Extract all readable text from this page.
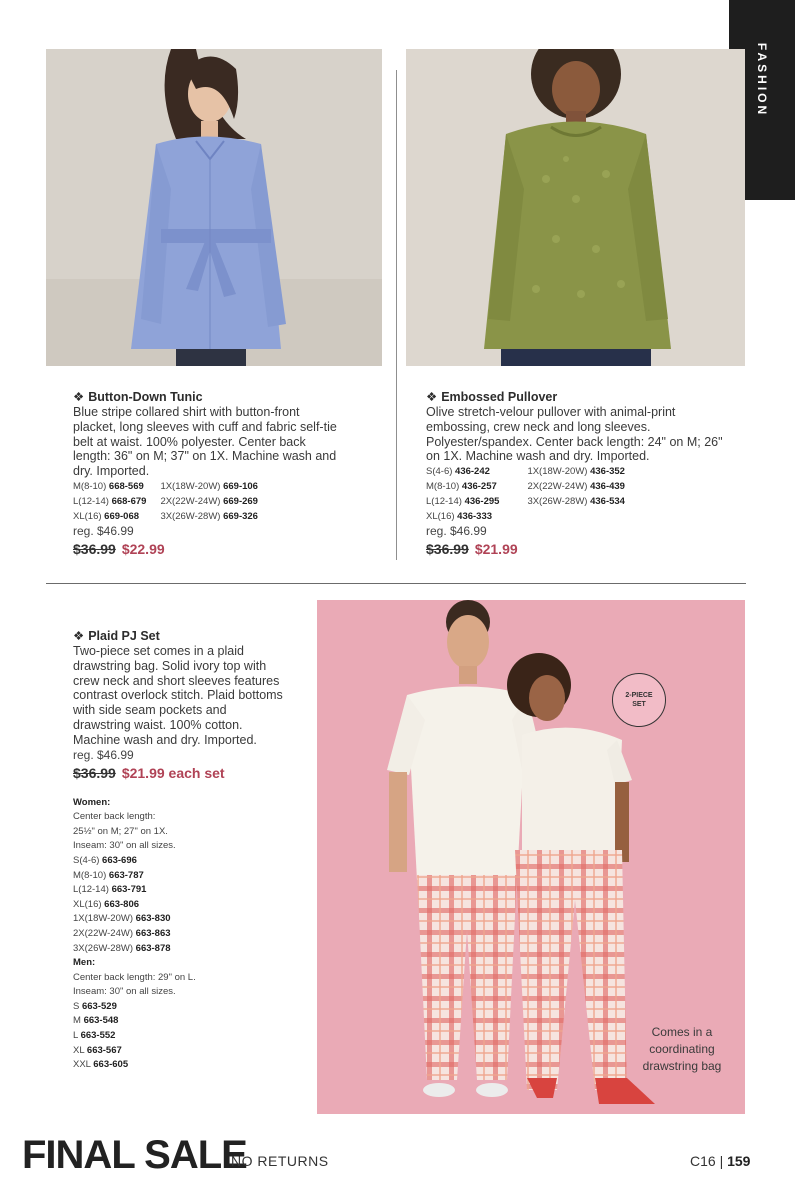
FASHION
❖ Button-Down Tunic
Blue stripe collared shirt with button-front placket, long sleeves with cuff and fabric self-tie belt at waist. 100% polyester. Center back length: 36" on M; 37" on 1X. Machine wash and dry. Imported.
M(8-10) 668-569
L(12-14) 668-679
XL(16) 669-068
1X(18W-20W) 669-106
2X(22W-24W) 669-269
3X(26W-28W) 669-326
reg. $46.99
$36.99 $22.99
❖ Embossed Pullover
Olive stretch-velour pullover with animal-print embossing, crew neck and long sleeves. Polyester/spandex. Center back length: 24" on M; 26" on 1X. Machine wash and dry. Imported.
S(4-6) 436-242
M(8-10) 436-257
L(12-14) 436-295
XL(16) 436-333
1X(18W-20W) 436-352
2X(22W-24W) 436-439
3X(26W-28W) 436-534
reg. $46.99
$36.99 $21.99
❖ Plaid PJ Set
Two-piece set comes in a plaid drawstring bag. Solid ivory top with crew neck and short sleeves features contrast overlock stitch. Plaid bottoms with side seam pockets and drawstring waist. 100% cotton. Machine wash and dry. Imported.
reg. $46.99
$36.99 $21.99 each set
Women:
Center back length:
25½" on M; 27" on 1X.
Inseam: 30" on all sizes.
S(4-6) 663-696
M(8-10) 663-787
L(12-14) 663-791
XL(16) 663-806
1X(18W-20W) 663-830
2X(22W-24W) 663-863
3X(26W-28W) 663-878
Men:
Center back length: 29" on L.
Inseam: 30" on all sizes.
S 663-529
M 663-548
L 663-552
XL 663-567
XXL 663-605
2-PIECE
SET
Comes in a coordinating drawstring bag
FINAL SALE
NO RETURNS	C16 | 159
